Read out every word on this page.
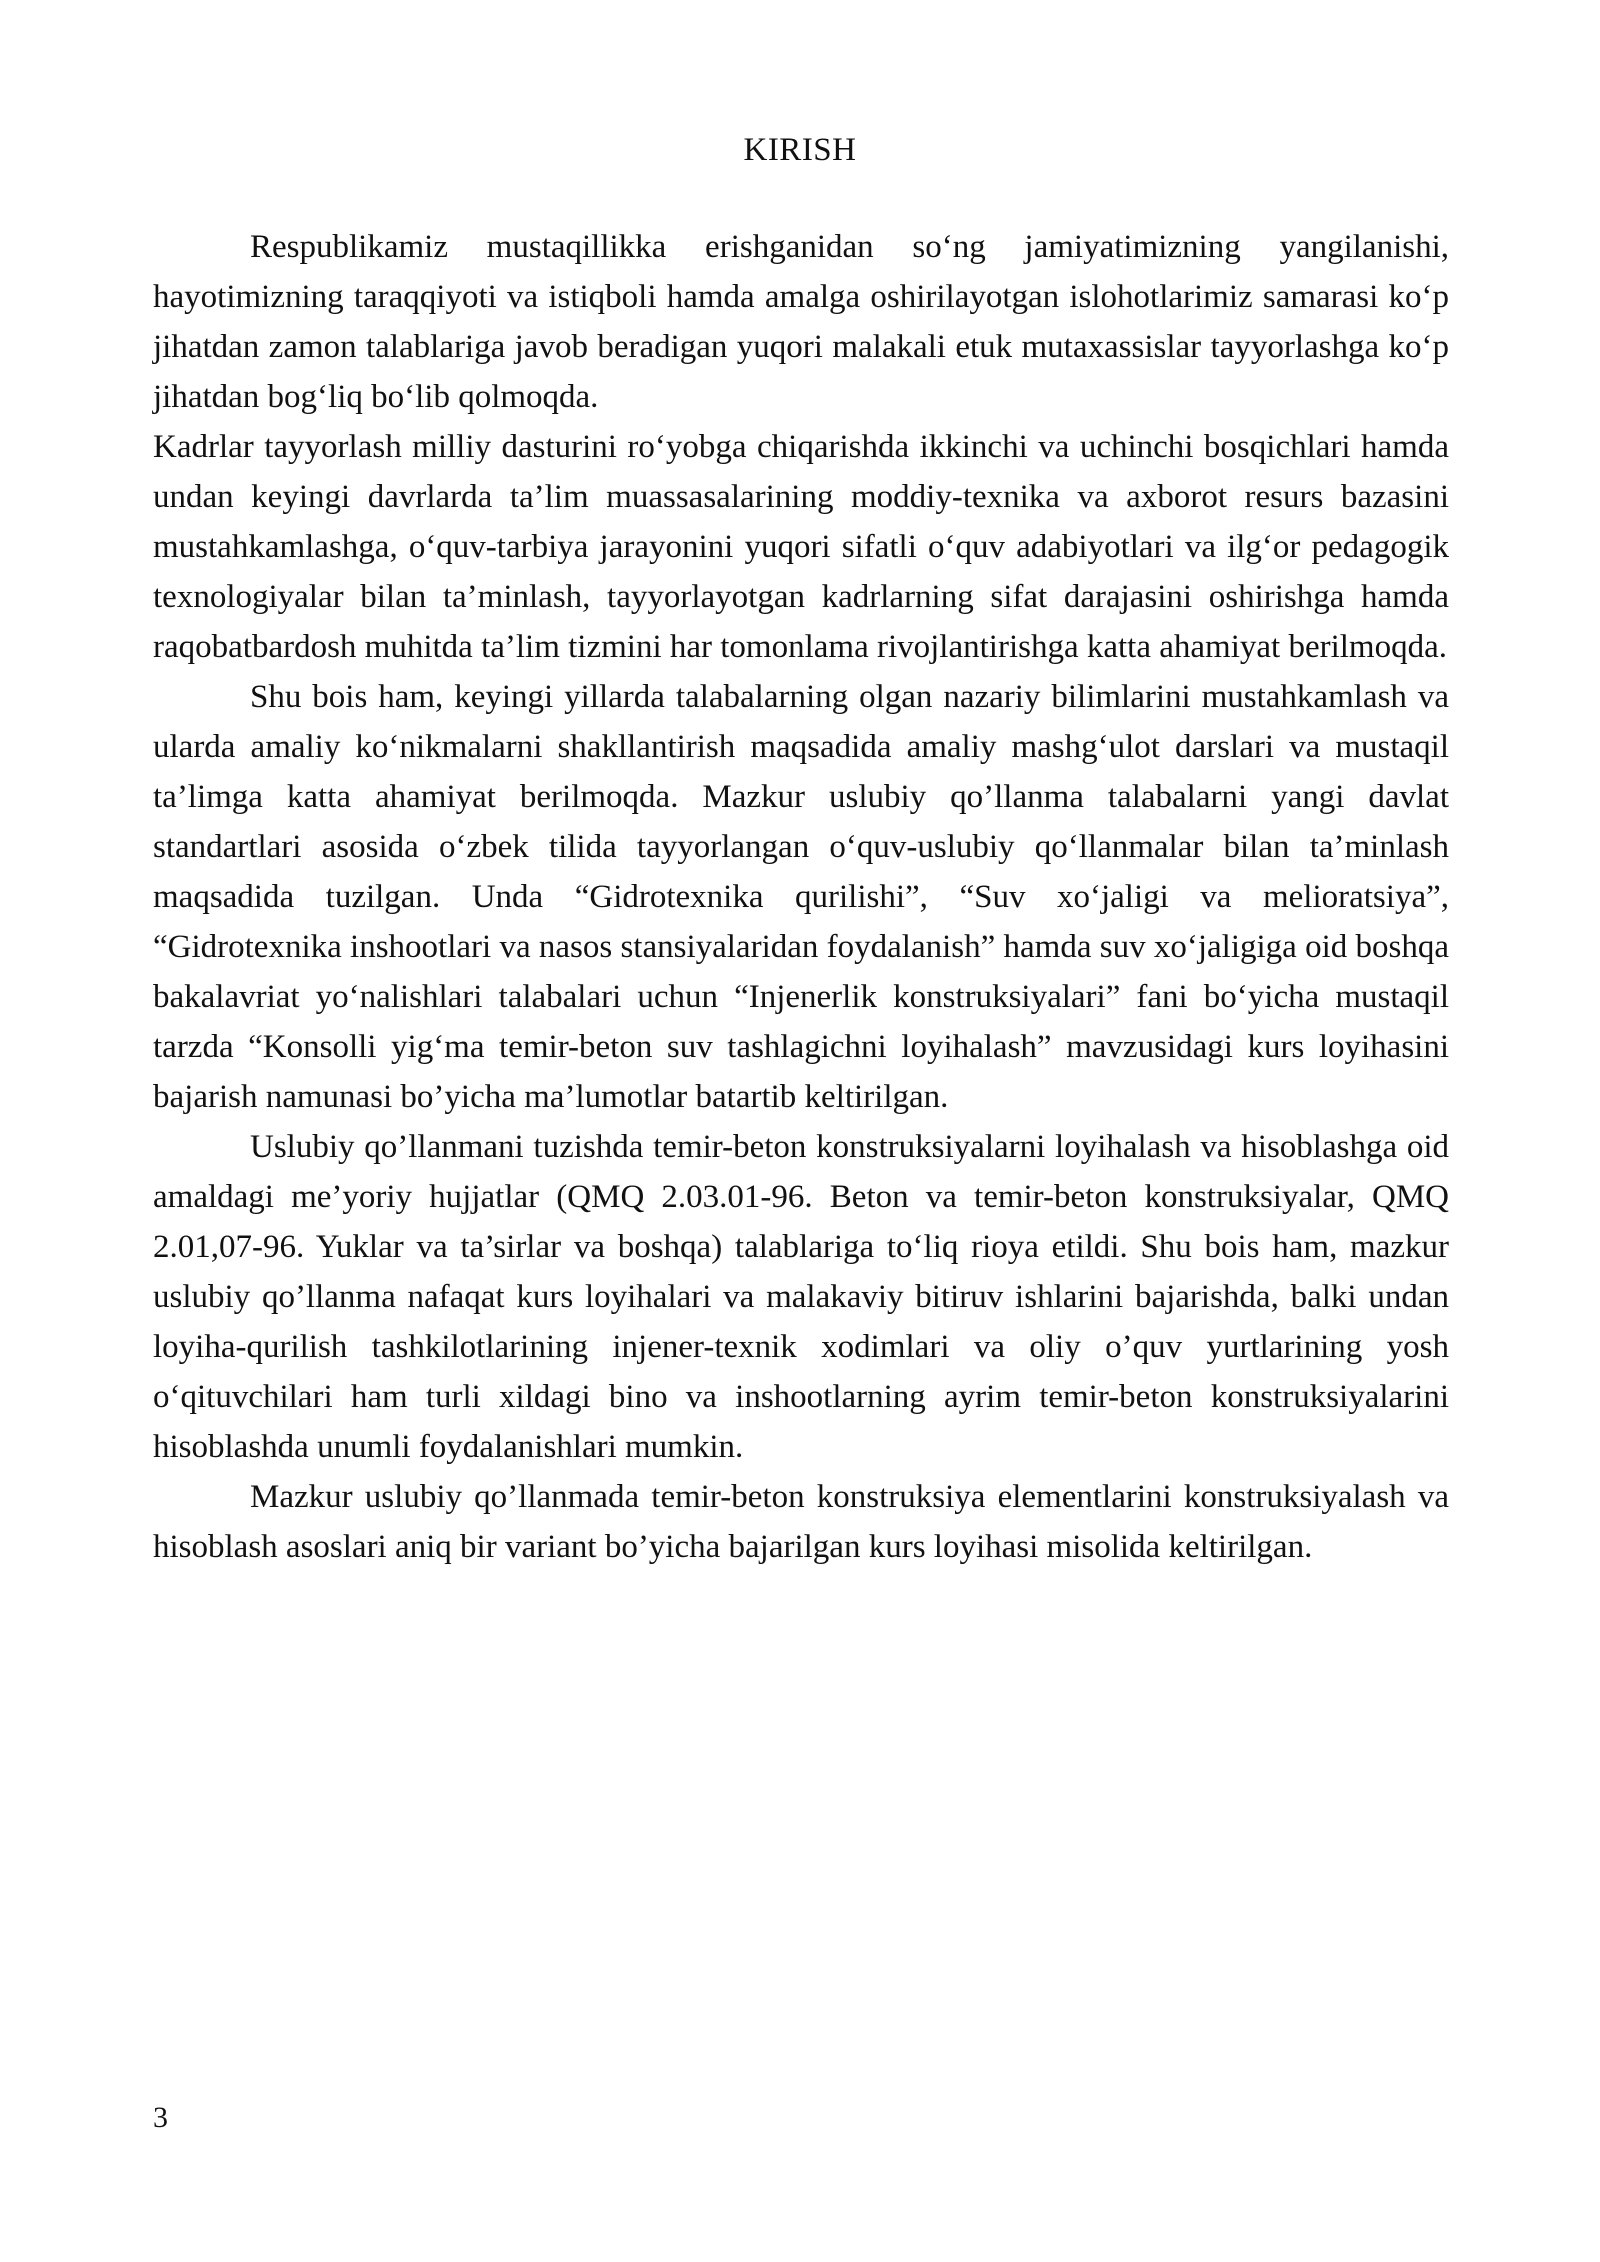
KIRISH

Respublikamiz mustaqillikka erishganidan so‘ng jamiyatimizning yangilanishi, hayotimizning taraqqiyoti va istiqboli hamda amalga oshirilayotgan islohotlarimiz samarasi ko‘p jihatdan zamon talablariga javob beradigan yuqori malakali etuk mutaxassislar tayyorlashga ko‘p jihatdan bog‘liq bo‘lib qolmoqda.

Kadrlar tayyorlash milliy dasturini ro‘yobga chiqarishda ikkinchi va uchinchi bosqichlari hamda undan keyingi davrlarda ta’lim muassasalarining moddiy-texnika va axborot resurs bazasini mustahkamlashga, o‘quv-tarbiya jarayonini yuqori sifatli o‘quv adabiyotlari va ilg‘or pedagogik texnologiyalar bilan ta’minlash, tayyorlayotgan kadrlarning sifat darajasini oshirishga hamda raqobatbardosh muhitda ta’lim tizmini har tomonlama rivojlantirishga katta ahamiyat berilmoqda.

Shu bois ham, keyingi yillarda talabalarning olgan nazariy bilimlarini mustahkamlash va ularda amaliy ko‘nikmalarni shakllantirish maqsadida amaliy mashg‘ulot darslari va mustaqil ta’limga katta ahamiyat berilmoqda. Mazkur uslubiy qo’llanma talabalarni yangi davlat standartlari asosida o‘zbek tilida tayyorlangan o‘quv-uslubiy qo‘llanmalar bilan ta’minlash maqsadida tuzilgan. Unda “Gidrotexnika qurilishi”, “Suv xo‘jaligi va melioratsiya”, “Gidrotexnika inshootlari va nasos stansiyalaridan foydalanish” hamda suv xo‘jaligiga oid boshqa bakalavriat yo‘nalishlari talabalari uchun “Injenerlik konstruksiyalari” fani bo‘yicha mustaqil tarzda “Konsolli yig‘ma temir-beton suv tashlagichni loyihalash” mavzusidagi kurs loyihasini bajarish namunasi bo’yicha ma’lumotlar batartib keltirilgan.

Uslubiy qo’llanmani tuzishda temir-beton konstruksiyalarni loyihalash va hisoblashga oid amaldagi me’yoriy hujjatlar (QMQ 2.03.01-96. Beton va temir-beton konstruksiyalar, QMQ 2.01,07-96. Yuklar va ta’sirlar va boshqa) talablariga to‘liq rioya etildi. Shu bois ham, mazkur uslubiy qo’llanma nafaqat kurs loyihalari va malakaviy bitiruv ishlarini bajarishda, balki undan loyiha-qurilish tashkilotlarining injener-texnik xodimlari va oliy o’quv yurtlarining yosh o‘qituvchilari ham turli xildagi bino va inshootlarning ayrim temir-beton konstruksiyalarini hisoblashda unumli foydalanishlari mumkin.

Mazkur uslubiy qo’llanmada temir-beton konstruksiya elementlarini konstruksiyalash va hisoblash asoslari aniq bir variant bo’yicha bajarilgan kurs loyihasi misolida keltirilgan.

3
